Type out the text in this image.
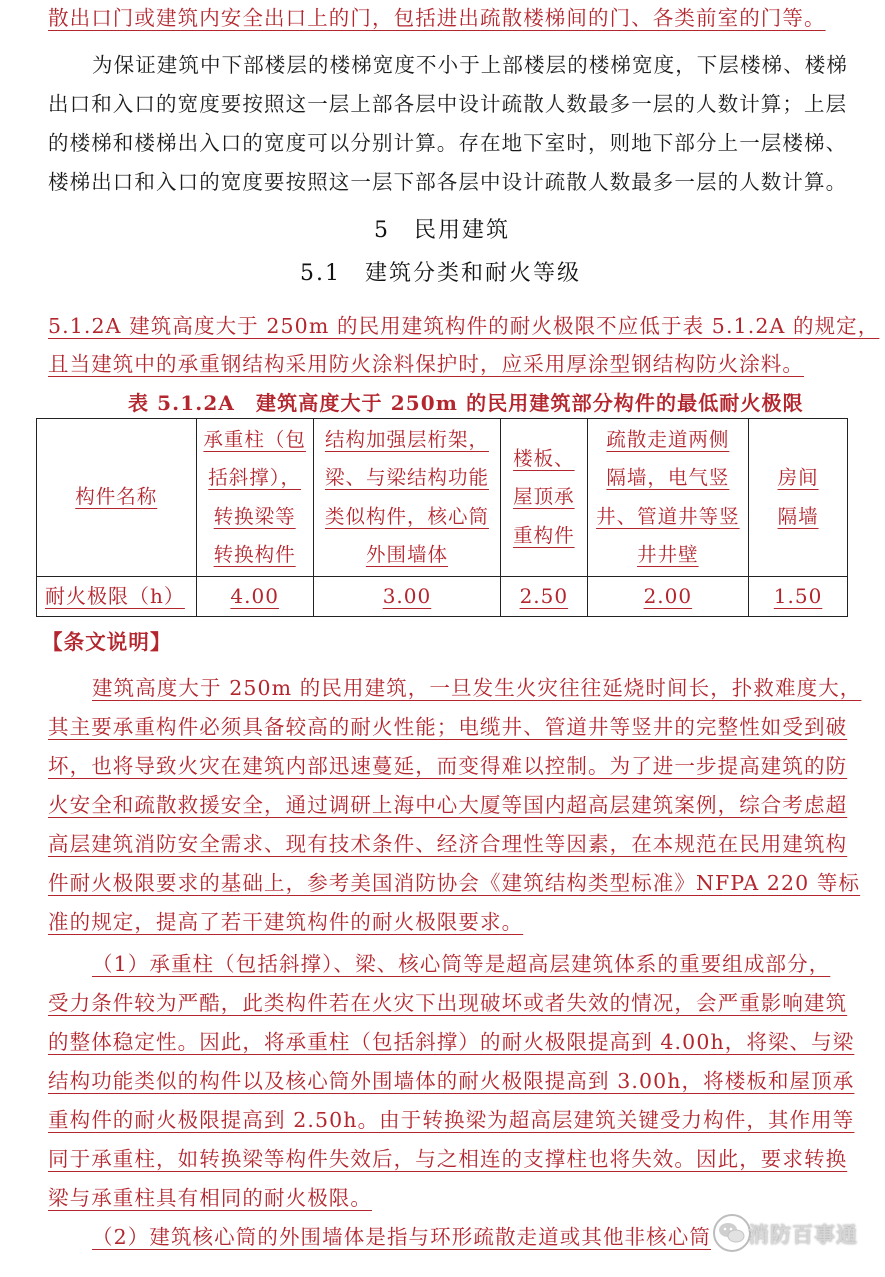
散出口门或建筑内安全出口上的门，包括进出疏散楼梯间的门、各类前室的门等。
为保证建筑中下部楼层的楼梯宽度不小于上部楼层的楼梯宽度，下层楼梯、楼梯
出口和入口的宽度要按照这一层上部各层中设计疏散人数最多一层的人数计算；上层
的楼梯和楼梯出入口的宽度可以分别计算。存在地下室时，则地下部分上一层楼梯、
楼梯出口和入口的宽度要按照这一层下部各层中设计疏散人数最多一层的人数计算。
5　民用建筑
5.1　建筑分类和耐火等级
5.1.2A 建筑高度大于 250m 的民用建筑构件的耐火极限不应低于表 5.1.2A 的规定，
且当建筑中的承重钢结构采用防火涂料保护时，应采用厚涂型钢结构防火涂料。
表 5.1.2A　建筑高度大于 250m 的民用建筑部分构件的最低耐火极限
构件名称	承重柱（包
括斜撑），
转换梁等
转换构件	结构加强层桁架，
梁、与梁结构功能
类似构件，核心筒
外围墙体	楼板、
屋顶承
重构件	疏散走道两侧
隔墙，电气竖
井、管道井等竖
井井壁	房间
隔墙
耐火极限（h）	4.00	3.00	2.50	2.00	1.50
【条文说明】
建筑高度大于 250m 的民用建筑，一旦发生火灾往往延烧时间长，扑救难度大，
其主要承重构件必须具备较高的耐火性能；电缆井、管道井等竖井的完整性如受到破
坏，也将导致火灾在建筑内部迅速蔓延，而变得难以控制。为了进一步提高建筑的防
火安全和疏散救援安全，通过调研上海中心大厦等国内超高层建筑案例，综合考虑超
高层建筑消防安全需求、现有技术条件、经济合理性等因素，在本规范在民用建筑构
件耐火极限要求的基础上，参考美国消防协会《建筑结构类型标准》NFPA 220 等标
准的规定，提高了若干建筑构件的耐火极限要求。
（1）承重柱（包括斜撑）、梁、核心筒等是超高层建筑体系的重要组成部分，
受力条件较为严酷，此类构件若在火灾下出现破坏或者失效的情况，会严重影响建筑
的整体稳定性。因此，将承重柱（包括斜撑）的耐火极限提高到 4.00h，将梁、与梁
结构功能类似的构件以及核心筒外围墙体的耐火极限提高到 3.00h，将楼板和屋顶承
重构件的耐火极限提高到 2.50h。由于转换梁为超高层建筑关键受力构件，其作用等
同于承重柱，如转换梁等构件失效后，与之相连的支撑柱也将失效。因此，要求转换
梁与承重柱具有相同的耐火极限。
（2）建筑核心筒的外围墙体是指与环形疏散走道或其他非核心筒 消防百事通
